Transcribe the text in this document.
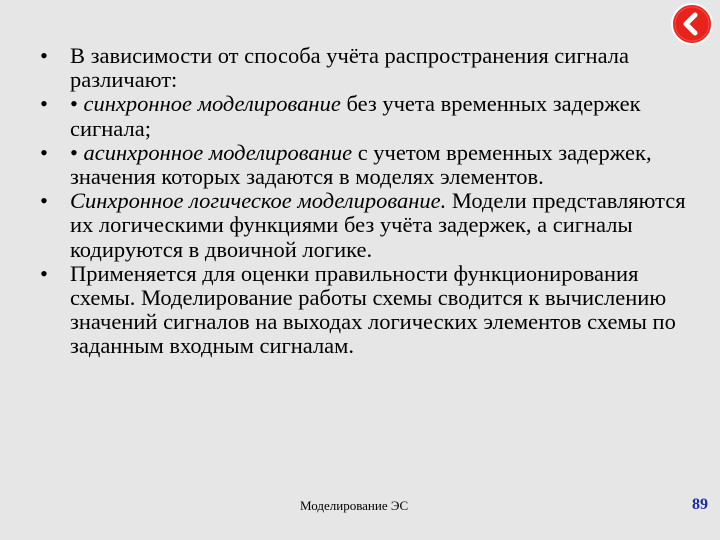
• В зависимости от способа учёта распространения сигнала различают:

• • синхронное моделирование без учета временных задержек сигнала;

• • асинхронное моделирование с учетом временных задержек, значения которых задаются в моделях элементов.

• Синхронное логическое моделирование. Модели представляются их логическими функциями без учёта задержек, а сигналы кодируются в двоичной логике.

• Применяется для оценки правильности функционирования схемы. Моделирование работы схемы сводится к вычислению значений сигналов на выходах логических элементов схемы по заданным входным сигналам.

Моделирование ЭС	89
